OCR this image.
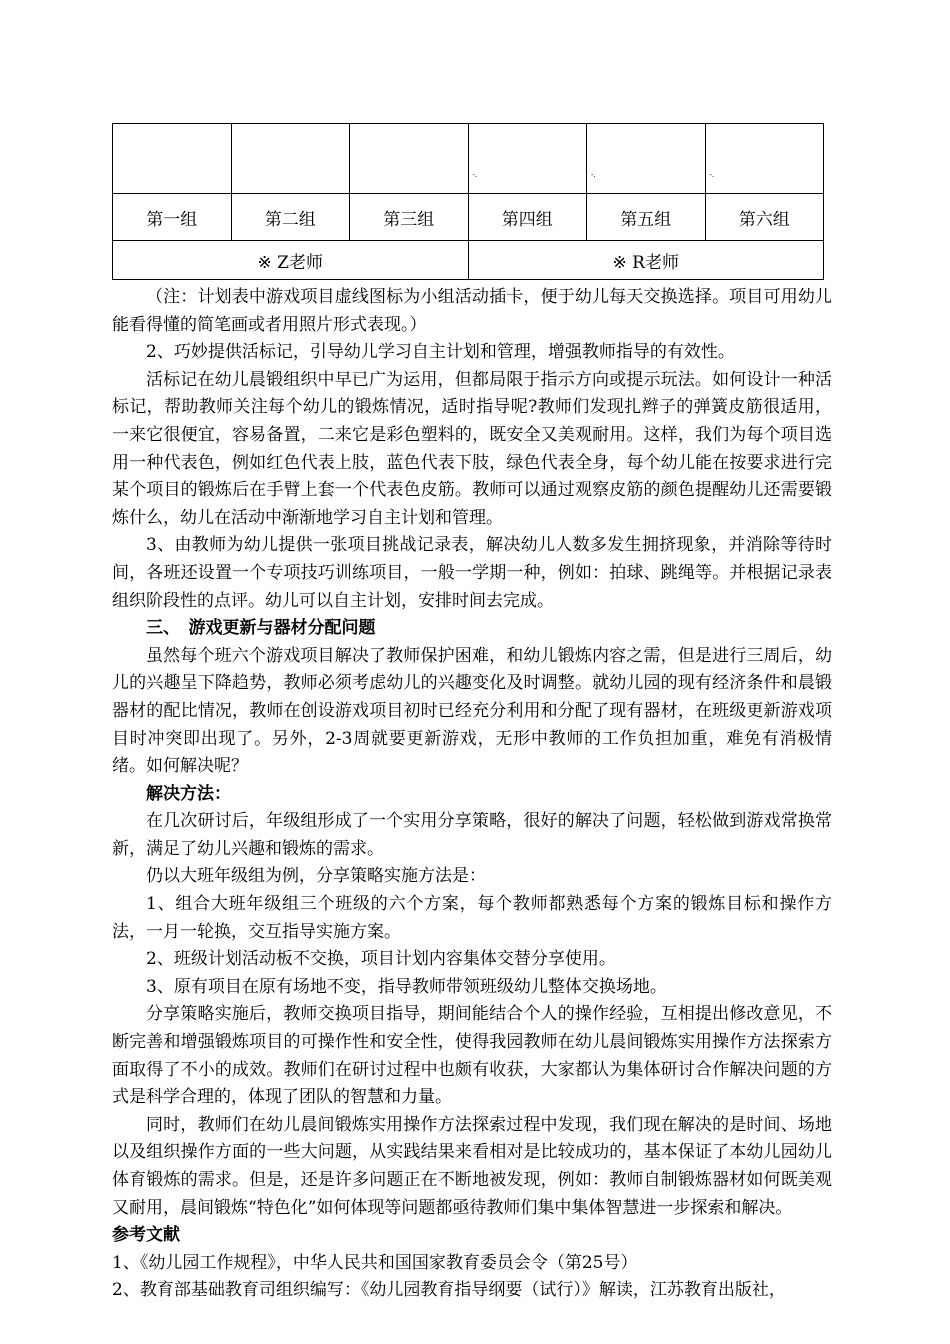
			-.	-.	-.

第一组	第二组	第三组	第四组	第五组	第六组
※ Z老师			※ R老师		

（注：计划表中游戏项目虚线图标为小组活动插卡，便于幼儿每天交换选择。项目可用幼儿能看得懂的简笔画或者用照片形式表现。）

2、巧妙提供活标记，引导幼儿学习自主计划和管理，增强教师指导的有效性。

活标记在幼儿晨锻组织中早已广为运用，但都局限于指示方向或提示玩法。如何设计一种活标记，帮助教师关注每个幼儿的锻炼情况，适时指导呢?教师们发现扎辫子的弹簧皮筋很适用，一来它很便宜，容易备置，二来它是彩色塑料的，既安全又美观耐用。这样，我们为每个项目选用一种代表色，例如红色代表上肢，蓝色代表下肢，绿色代表全身，每个幼儿能在按要求进行完某个项目的锻炼后在手臂上套一个代表色皮筋。教师可以通过观察皮筋的颜色提醒幼儿还需要锻炼什么，幼儿在活动中渐渐地学习自主计划和管理。

3、由教师为幼儿提供一张项目挑战记录表，解决幼儿人数多发生拥挤现象，并消除等待时间，各班还设置一个专项技巧训练项目，一般一学期一种，例如：拍球、跳绳等。并根据记录表组织阶段性的点评。幼儿可以自主计划，安排时间去完成。

三、　游戏更新与器材分配问题

虽然每个班六个游戏项目解决了教师保护困难，和幼儿锻炼内容之需，但是进行三周后，幼儿的兴趣呈下降趋势，教师必须考虑幼儿的兴趣变化及时调整。就幼儿园的现有经济条件和晨锻器材的配比情况，教师在创设游戏项目初时已经充分利用和分配了现有器材，在班级更新游戏项目时冲突即出现了。另外，2-3周就要更新游戏，无形中教师的工作负担加重，难免有消极情绪。如何解决呢？

解决方法：

在几次研讨后，年级组形成了一个实用分享策略，很好的解决了问题，轻松做到游戏常换常新，满足了幼儿兴趣和锻炼的需求。

仍以大班年级组为例，分享策略实施方法是：

1、组合大班年级组三个班级的六个方案，每个教师都熟悉每个方案的锻炼目标和操作方法，一月一轮换，交互指导实施方案。

2、班级计划活动板不交换，项目计划内容集体交替分享使用。

3、原有项目在原有场地不变，指导教师带领班级幼儿整体交换场地。

分享策略实施后，教师交换项目指导，期间能结合个人的操作经验，互相提出修改意见，不断完善和增强锻炼项目的可操作性和安全性，使得我园教师在幼儿晨间锻炼实用操作方法探索方面取得了不小的成效。教师们在研讨过程中也颇有收获，大家都认为集体研讨合作解决问题的方式是科学合理的，体现了团队的智慧和力量。

同时，教师们在幼儿晨间锻炼实用操作方法探索过程中发现，我们现在解决的是时间、场地以及组织操作方面的一些大问题，从实践结果来看相对是比较成功的，基本保证了本幼儿园幼儿体育锻炼的需求。但是，还是许多问题正在不断地被发现，例如：教师自制锻炼器材如何既美观又耐用，晨间锻炼“特色化”如何体现等问题都亟待教师们集中集体智慧进一步探索和解决。

参考文献

1、《幼儿园工作规程》，中华人民共和国国家教育委员会令（第25号）

2、教育部基础教育司组织编写：《幼儿园教育指导纲要（试行）》解读，江苏教育出版社，
